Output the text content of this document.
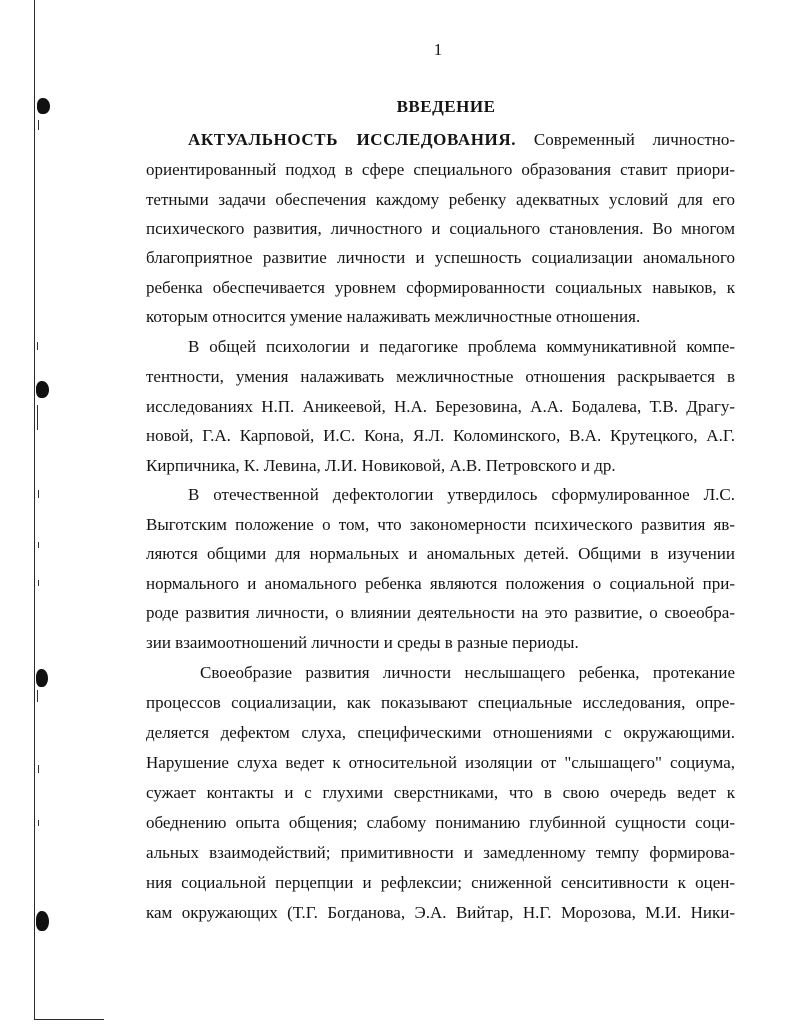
1
ВВЕДЕНИЕ
АКТУАЛЬНОСТЬ ИССЛЕДОВАНИЯ. Современный личностно-
ориентированный подход в сфере специального образования ставит приори-
тетными задачи обеспечения каждому ребенку адекватных условий для его
психического развития, личностного и социального становления. Во многом
благоприятное развитие личности и успешность социализации аномального
ребенка обеспечивается уровнем сформированности социальных навыков, к
которым относится умение налаживать межличностные отношения.
В общей психологии и педагогике проблема коммуникативной компе-
тентности, умения налаживать межличностные отношения раскрывается в
исследованиях Н.П. Аникеевой, Н.А. Березовина, А.А. Бодалева, Т.В. Драгу-
новой, Г.А. Карповой, И.С. Кона, Я.Л. Коломинского, В.А. Крутецкого, А.Г.
Кирпичника, К. Левина, Л.И. Новиковой, А.В. Петровского и др.
В отечественной дефектологии утвердилось сформулированное Л.С.
Выготским положение о том, что закономерности психического развития яв-
ляются общими для нормальных и аномальных детей. Общими в изучении
нормального и аномального ребенка являются положения о социальной при-
роде развития личности, о влиянии деятельности на это развитие, о своеобра-
зии взаимоотношений личности и среды в разные периоды.
Своеобразие развития личности неслышащего ребенка, протекание
процессов социализации, как показывают специальные исследования, опре-
деляется дефектом слуха, специфическими отношениями с окружающими.
Нарушение слуха ведет к относительной изоляции от "слышащего" социума,
сужает контакты и с глухими сверстниками, что в свою очередь ведет к
обеднению опыта общения; слабому пониманию глубинной сущности соци-
альных взаимодействий; примитивности и замедленному темпу формирова-
ния социальной перцепции и рефлексии; сниженной сенситивности к оцен-
кам окружающих (Т.Г. Богданова, Э.А. Вийтар, Н.Г. Морозова, М.И. Ники-
